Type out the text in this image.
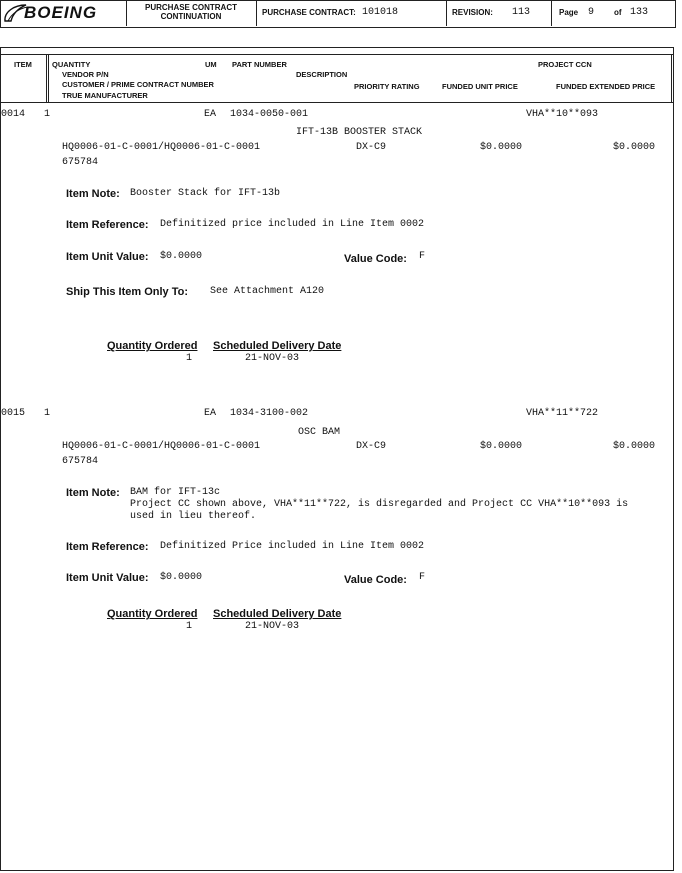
BOEING	PURCHASE CONTRACT
CONTINUATION	PURCHASE CONTRACT: 101018	REVISION: 113	Page 9 of 133
ITEM	QUANTITY	UM PART NUMBER	PROJECT CCN
VENDOR P/N	DESCRIPTION
CUSTOMER / PRIME CONTRACT NUMBER	PRIORITY RATING	FUNDED UNIT PRICE	FUNDED EXTENDED PRICE
TRUE MANUFACTURER
0014 1	EA 1034-0050-001	VHA**10**093
IFT-13B BOOSTER STACK
HQ0006-01-C-0001/HQ0006-01-C-0001	DX-C9	$0.0000	$0.0000
675784
Item Note: Booster Stack for IFT-13b
Item Reference: Definitized price included in Line Item 0002
Item Unit Value: $0.0000	Value Code: F
Ship This Item Only To: See Attachment A120
Quantity Ordered Scheduled Delivery Date
1	21-NOV-03
0015 1	EA 1034-3100-002	VHA**11**722
OSC BAM
HQ0006-01-C-0001/HQ0006-01-C-0001	DX-C9	$0.0000	$0.0000
675784
Item Note: BAM for IFT-13c
Project CC shown above, VHA**11**722, is disregarded and Project CC VHA**10**093 is
used in lieu thereof.
Item Reference: Definitized Price included in Line Item 0002
Item Unit Value: $0.0000	Value Code: F
Quantity Ordered Scheduled Delivery Date
1	21-NOV-03
